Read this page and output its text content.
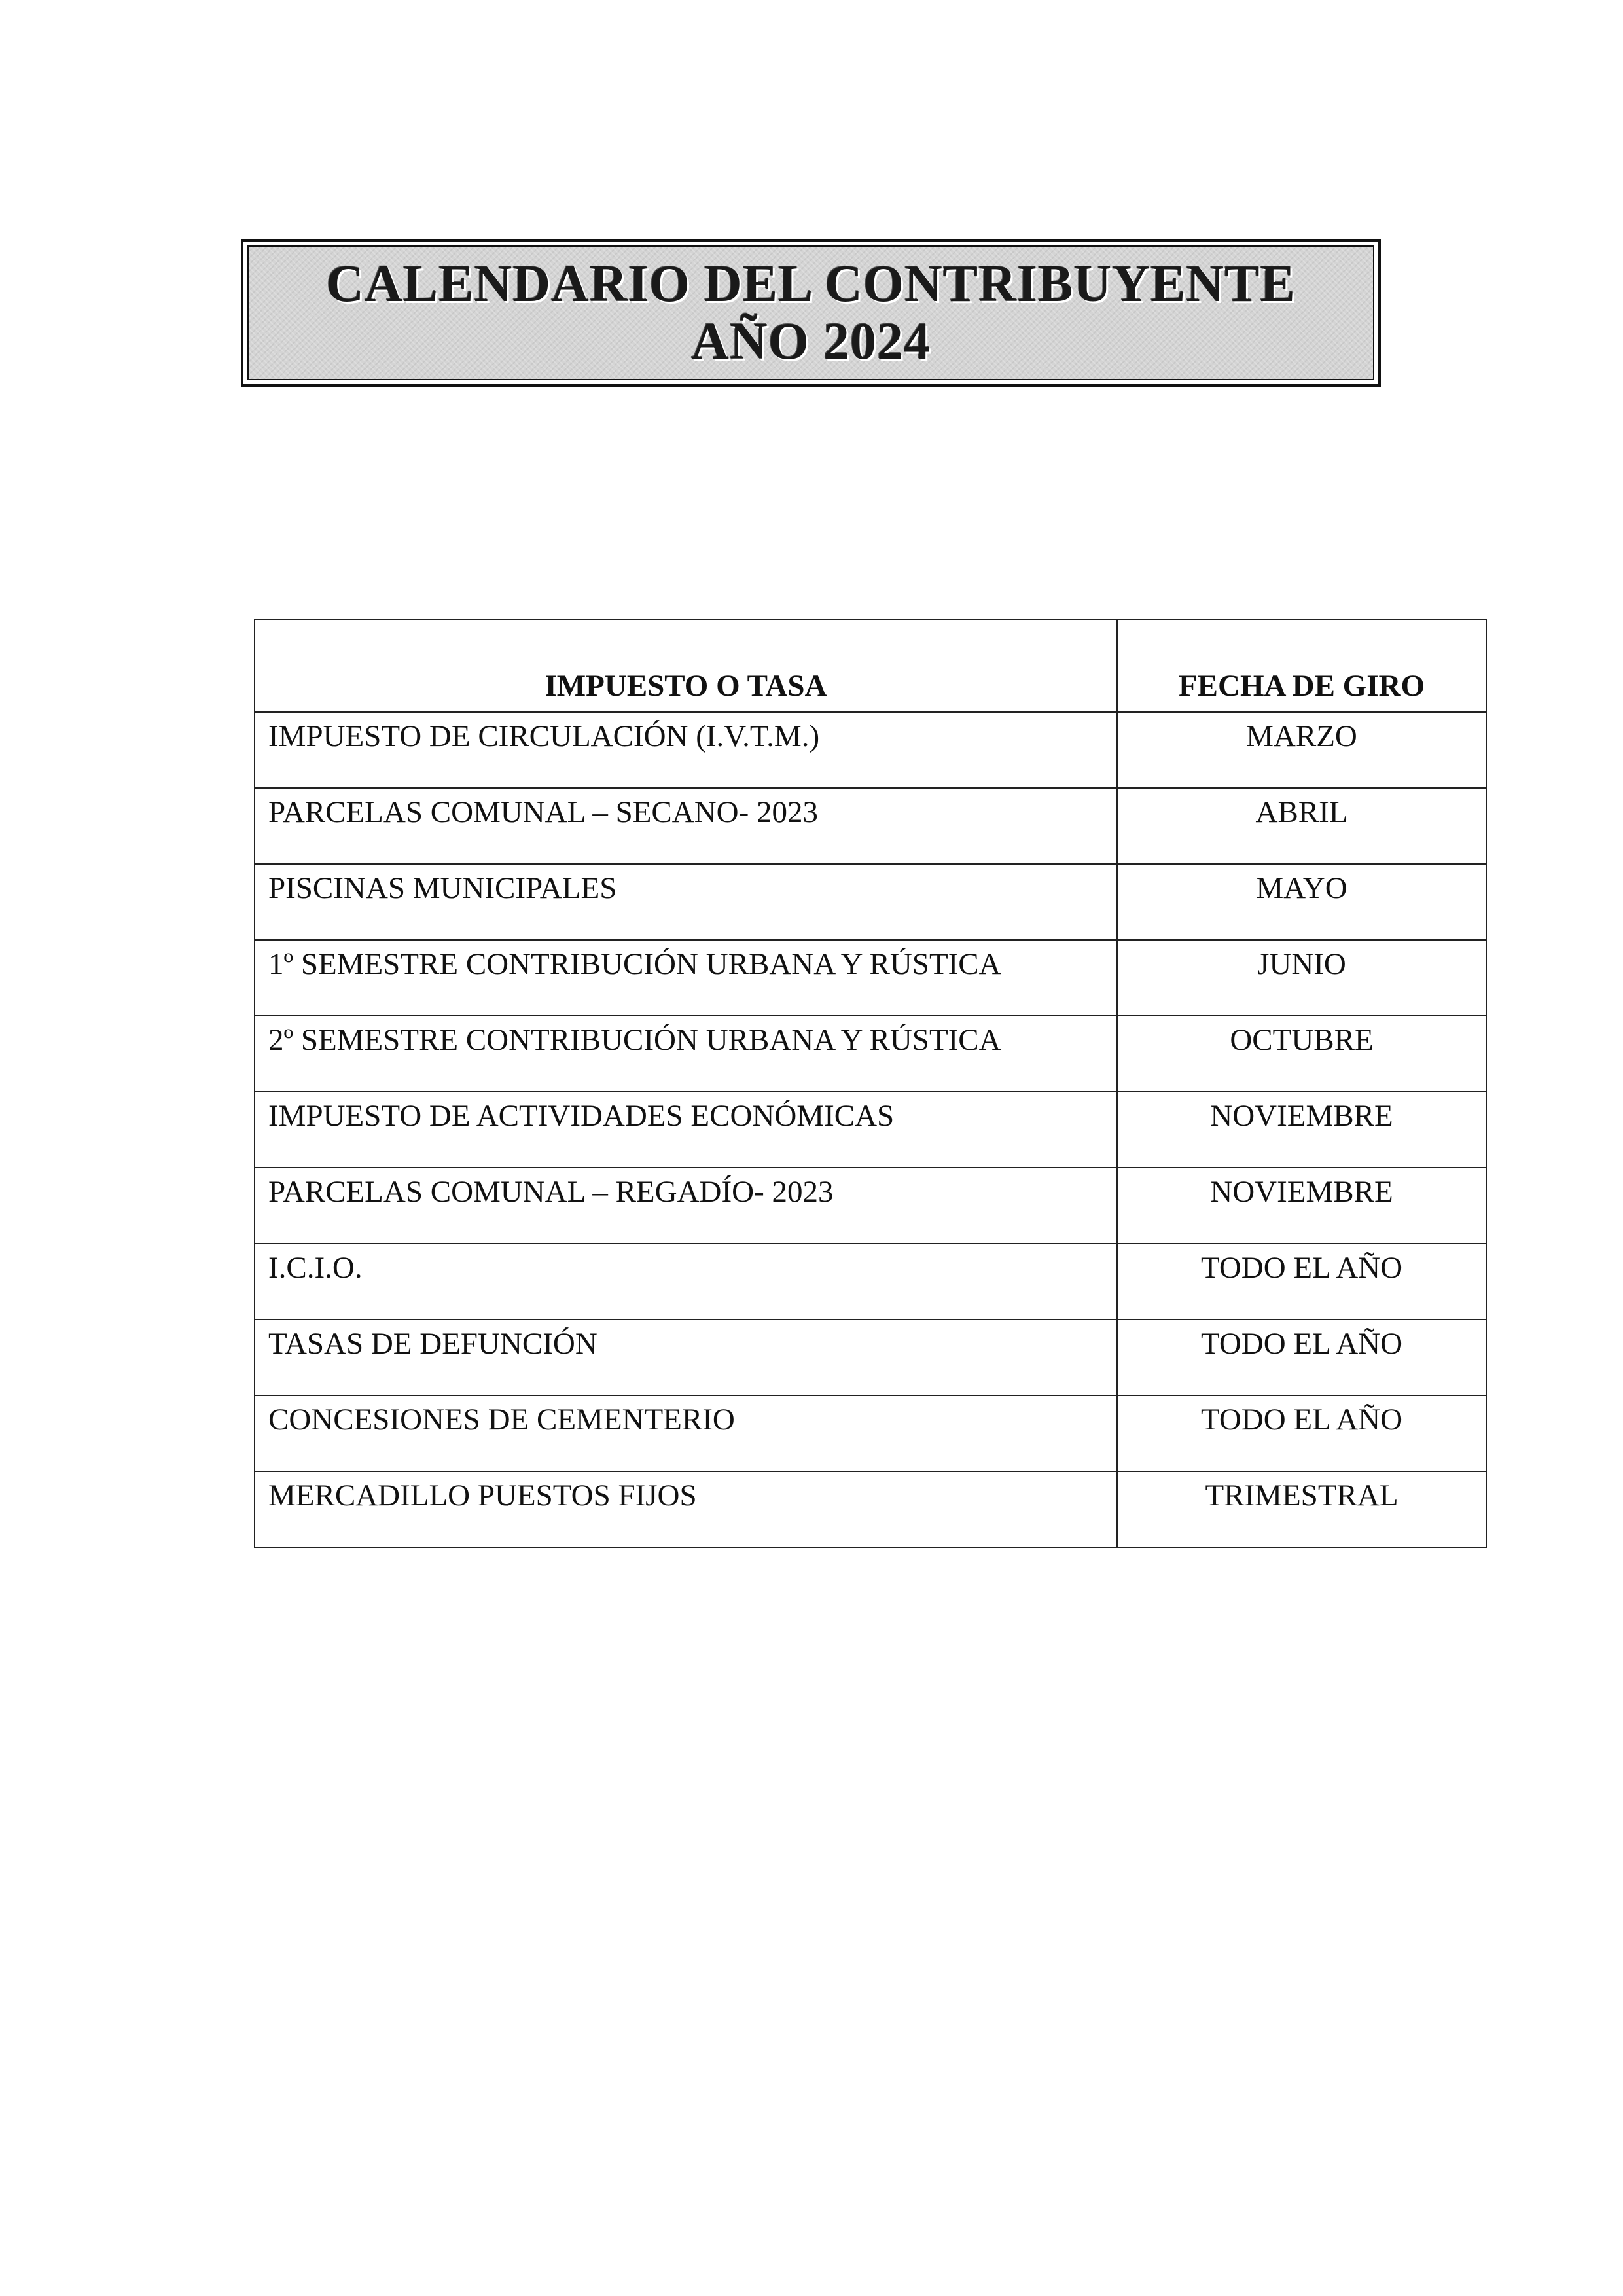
CALENDARIO DEL CONTRIBUYENTE
AÑO 2024
IMPUESTO O TASA	FECHA DE GIRO
IMPUESTO DE CIRCULACIÓN (I.V.T.M.)	MARZO
PARCELAS COMUNAL – SECANO- 2023	ABRIL
PISCINAS MUNICIPALES	MAYO
1º SEMESTRE CONTRIBUCIÓN URBANA Y RÚSTICA	JUNIO
2º SEMESTRE CONTRIBUCIÓN URBANA Y RÚSTICA	OCTUBRE
IMPUESTO DE ACTIVIDADES ECONÓMICAS	NOVIEMBRE
PARCELAS COMUNAL – REGADÍO- 2023	NOVIEMBRE
I.C.I.O.	TODO EL AÑO
TASAS DE DEFUNCIÓN	TODO EL AÑO
CONCESIONES DE CEMENTERIO	TODO EL AÑO
MERCADILLO PUESTOS FIJOS	TRIMESTRAL
